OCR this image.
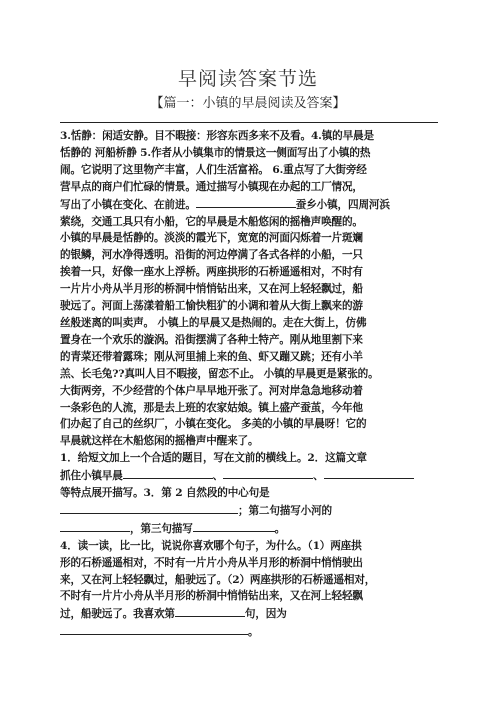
早阅读答案节选
【篇一：小镇的早晨阅读及答案】
3.恬静：闲适安静。目不暇接：形容东西多来不及看。4.镇的早晨是
恬静的 河船桥静 5.作者从小镇集市的情景这一侧面写出了小镇的热
闹。它说明了这里物产丰富，人们生活富裕。 6.重点写了大街旁经
营早点的商户们忙碌的情景。通过描写小镇现在办起的工厂情况，
写出了小镇在变化、在前进。	蚕乡小镇，四周河浜
萦绕，交通工具只有小船，它的早晨是木船悠闲的摇橹声唤醒的。
小镇的早晨是恬静的。淡淡的霞光下，宽宽的河面闪烁着一片斑斓
的银鳞，河水净得透明。沿街的河边停满了各式各样的小船，一只
挨着一只，好像一座水上浮桥。两座拱形的石桥遥遥相对，不时有
一片片小舟从半月形的桥洞中悄悄钻出来，又在河上轻轻飘过，船
驶远了。河面上荡漾着船工愉快粗犷的小调和着从大街上飘来的游
丝般迷离的叫卖声。 小镇上的早晨又是热闹的。走在大街上，仿佛
置身在一个欢乐的漩涡。沿街摆满了各种土特产。刚从地里割下来
的青菜还带着露珠；刚从河里捕上来的鱼、虾又蹦又跳；还有小羊
羔、长毛兔??真叫人目不暇接，留恋不止。 小镇的早晨更是紧张的。
大街两旁，不少经营的个体户早早地开张了。河对岸急急地移动着
一条彩色的人流，那是去上班的农家姑娘。镇上盛产蚕茧，今年他
们办起了自己的丝织厂，小镇在变化。 多美的小镇的早晨呀！它的
早晨就这样在木船悠闲的摇橹声中醒来了。
1．给短文加上一个合适的题目，写在文前的横线上。2．这篇文章
抓住小镇早晨	、	、
等特点展开描写。3．第 2 自然段的中心句是
；第二句描写小河的
，第三句描写	。
4．读一读，比一比，说说你喜欢哪个句子，为什么。（1）两座拱
形的石桥遥遥相对，不时有一片片小舟从半月形的桥洞中悄悄驶出
来，又在河上轻轻飘过，船驶远了。（2）两座拱形的石桥遥遥相对，
不时有一片片小舟从半月形的桥洞中悄悄钻出来，又在河上轻轻飘
过，船驶远了。我喜欢第	句，因为
。
